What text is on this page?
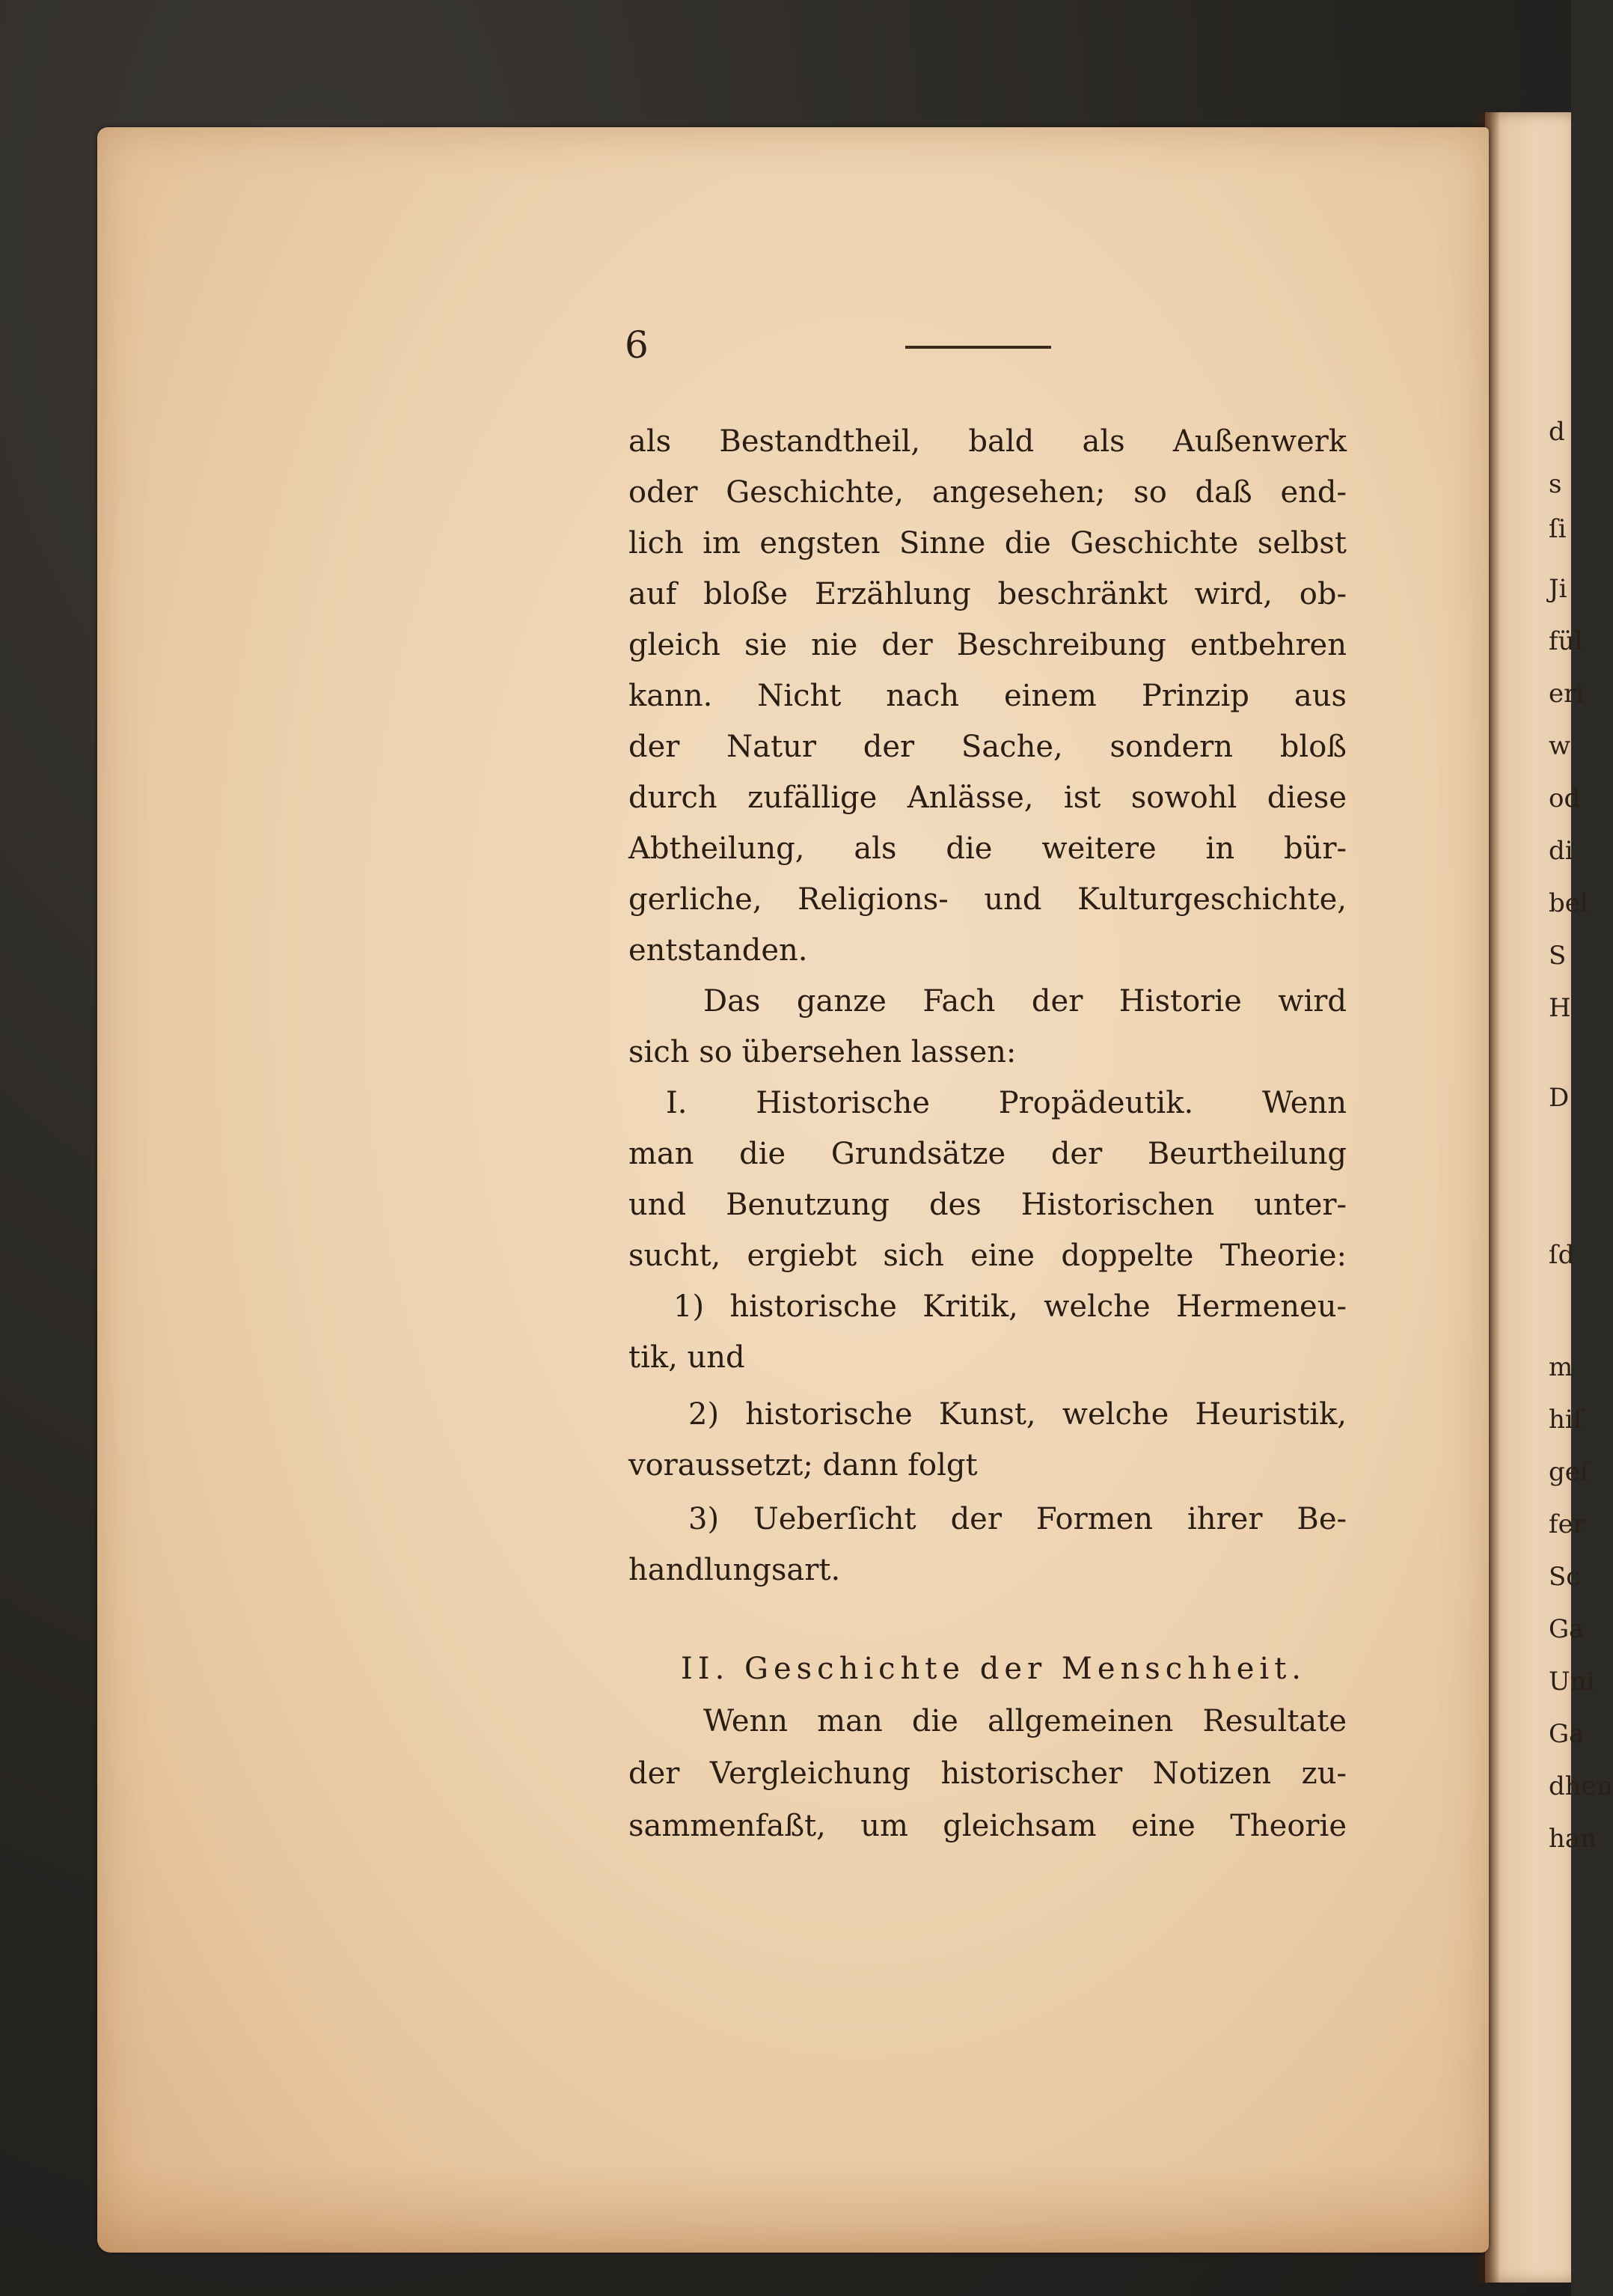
d
s
ſi
Ji
fül
eri
w
od
di
bel
S
H
D
ſd
m
hiſ
geſ
fer
Sc
Ga
Uni
Ga
dhen
han
6
als Bestandtheil, bald als Außenwerk
oder Geschichte, angesehen; so daß end-
lich im engsten Sinne die Geschichte selbst
auf bloße Erzählung beschränkt wird, ob-
gleich sie nie der Beschreibung entbehren
kann. Nicht nach einem Prinzip aus
der Natur der Sache, sondern bloß
durch zufällige Anlässe, ist sowohl diese
Abtheilung, als die weitere in bür-
gerliche, Religions- und Kulturgeschichte,
entstanden.
Das ganze Fach der Historie wird
sich so übersehen lassen:
I. Historische Propädeutik. Wenn
man die Grundsätze der Beurtheilung
und Benutzung des Historischen unter-
sucht, ergiebt sich eine doppelte Theorie:
1) historische Kritik, welche Hermeneu-
tik, und
2) historische Kunst, welche Heuristik,
voraussetzt; dann folgt
3) Ueberſicht der Formen ihrer Be-
handlungsart.
II. Geschichte der Menschheit.
Wenn man die allgemeinen Resultate
der Vergleichung historischer Notizen zu-
sammenfaßt, um gleichsam eine Theorie
